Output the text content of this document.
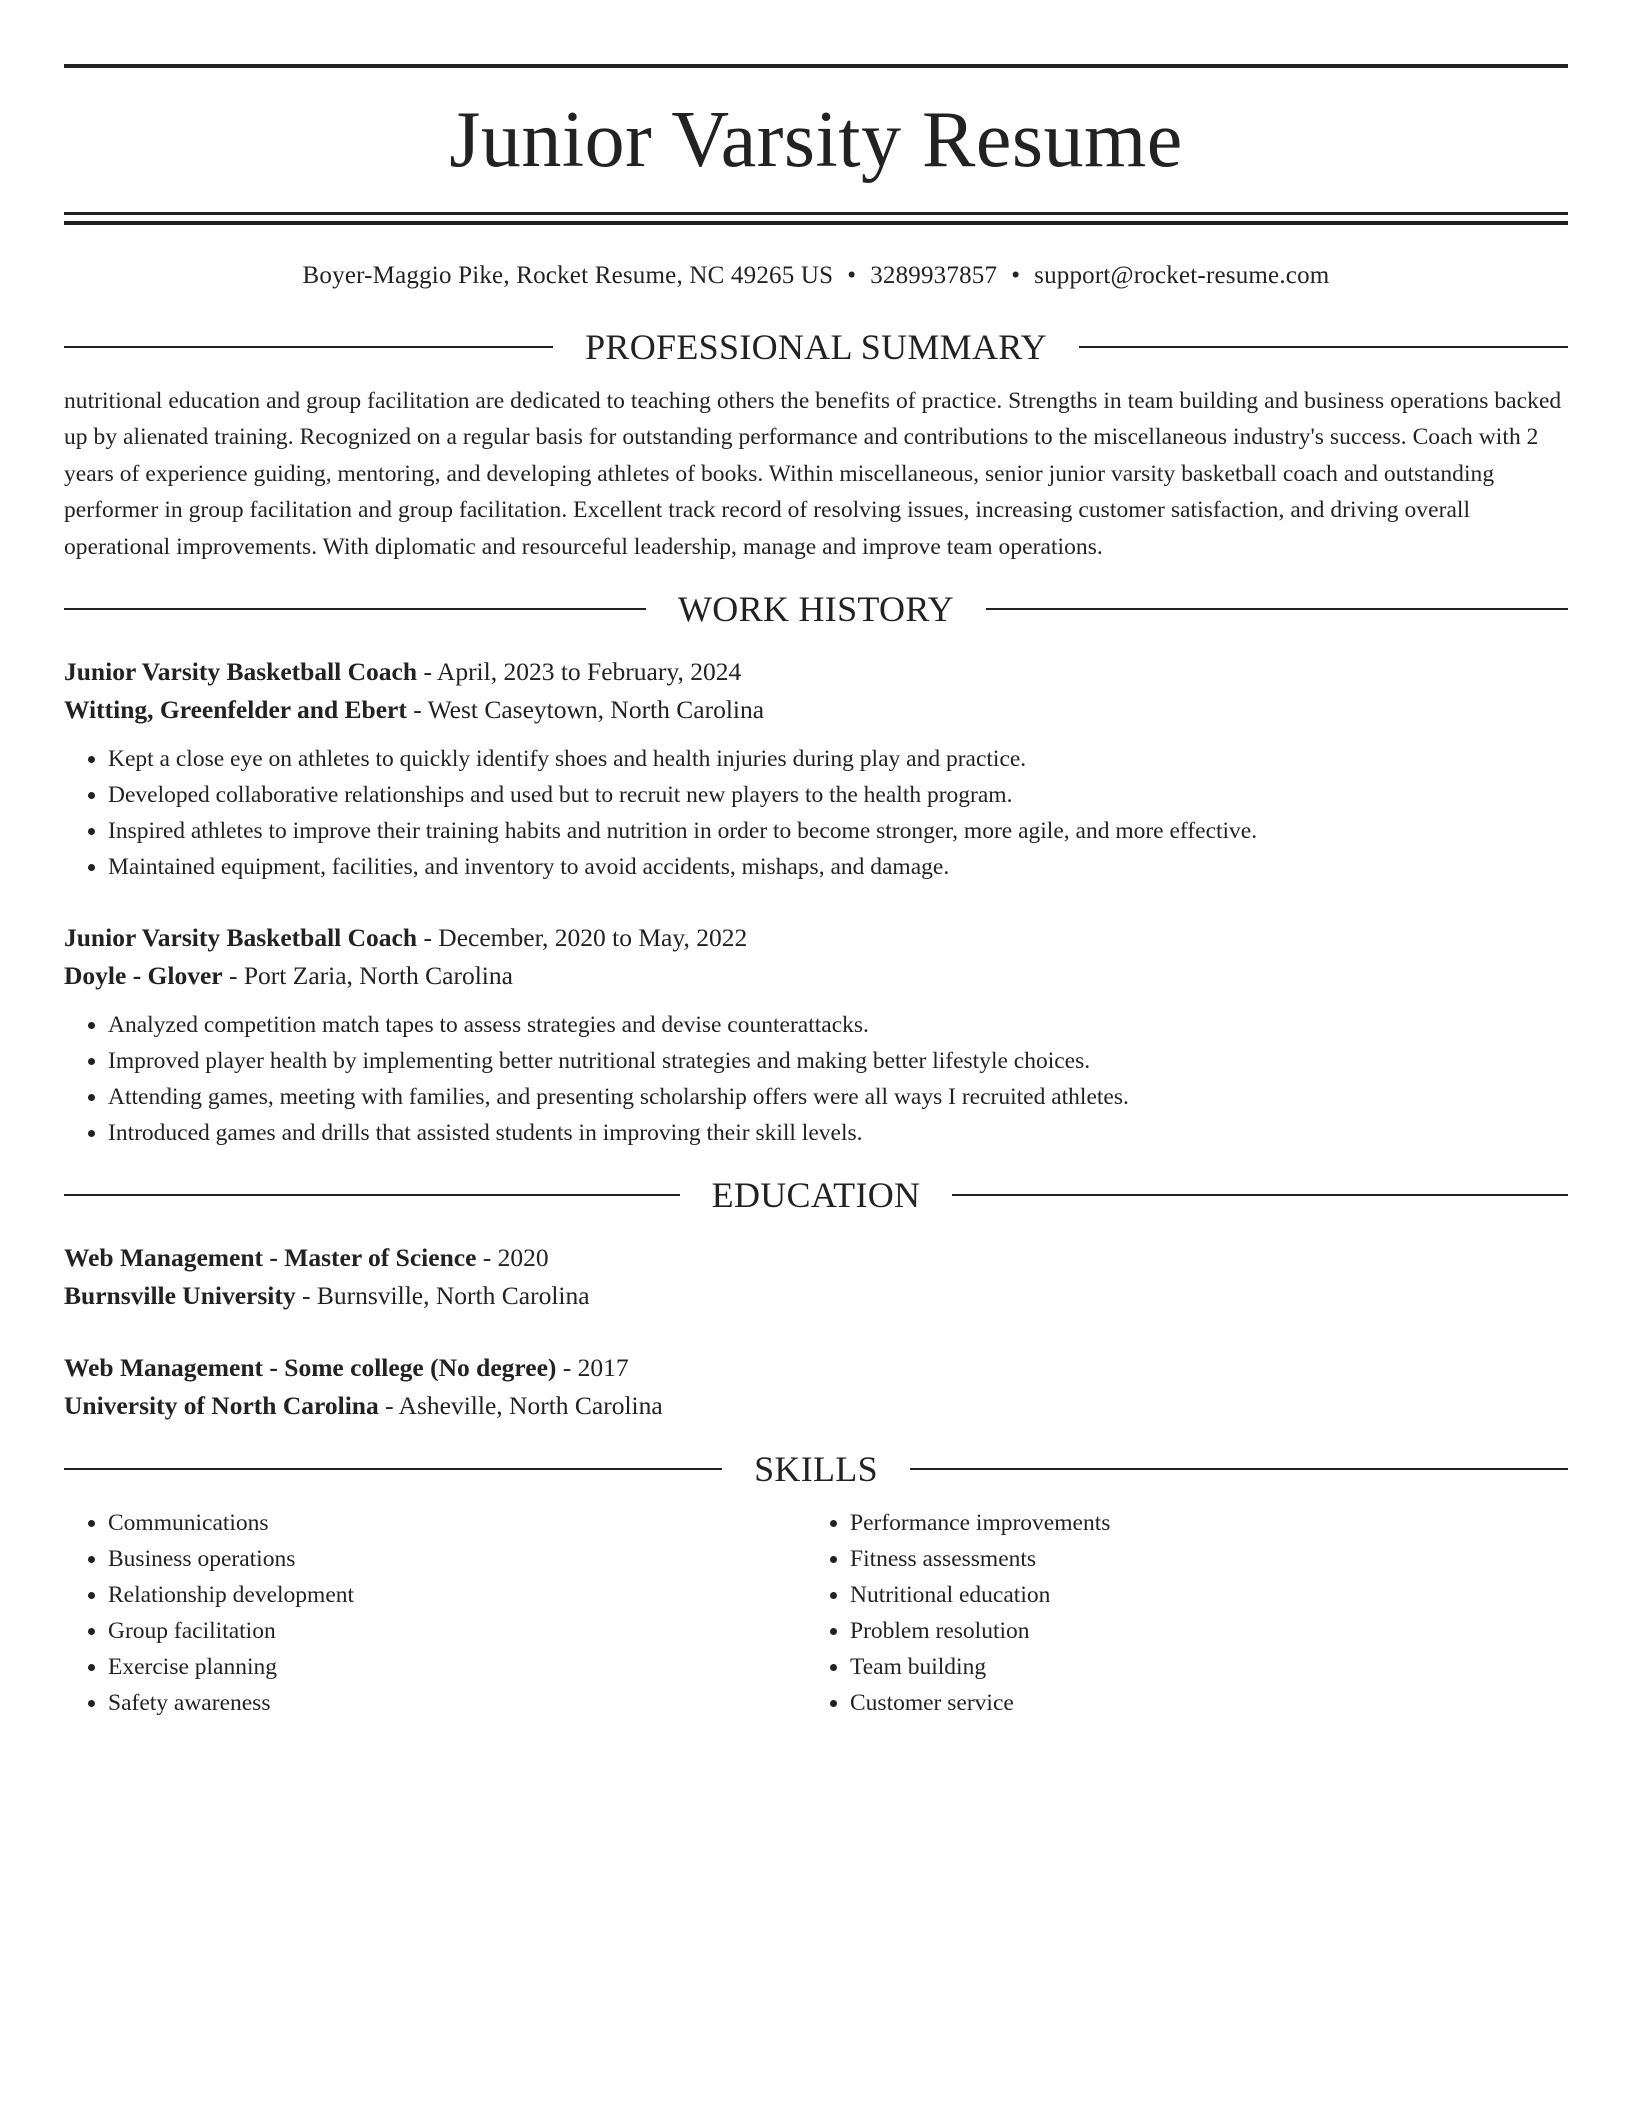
Junior Varsity Resume
Boyer-Maggio Pike, Rocket Resume, NC 49265 US • 3289937857 • support@rocket-resume.com
PROFESSIONAL SUMMARY
nutritional education and group facilitation are dedicated to teaching others the benefits of practice. Strengths in team building and business operations backed up by alienated training. Recognized on a regular basis for outstanding performance and contributions to the miscellaneous industry's success. Coach with 2 years of experience guiding, mentoring, and developing athletes of books. Within miscellaneous, senior junior varsity basketball coach and outstanding performer in group facilitation and group facilitation. Excellent track record of resolving issues, increasing customer satisfaction, and driving overall operational improvements. With diplomatic and resourceful leadership, manage and improve team operations.
WORK HISTORY
Junior Varsity Basketball Coach - April, 2023 to February, 2024
Witting, Greenfelder and Ebert - West Caseytown, North Carolina
• Kept a close eye on athletes to quickly identify shoes and health injuries during play and practice.
• Developed collaborative relationships and used but to recruit new players to the health program.
• Inspired athletes to improve their training habits and nutrition in order to become stronger, more agile, and more effective.
• Maintained equipment, facilities, and inventory to avoid accidents, mishaps, and damage.
Junior Varsity Basketball Coach - December, 2020 to May, 2022
Doyle - Glover - Port Zaria, North Carolina
• Analyzed competition match tapes to assess strategies and devise counterattacks.
• Improved player health by implementing better nutritional strategies and making better lifestyle choices.
• Attending games, meeting with families, and presenting scholarship offers were all ways I recruited athletes.
• Introduced games and drills that assisted students in improving their skill levels.
EDUCATION
Web Management - Master of Science - 2020
Burnsville University - Burnsville, North Carolina
Web Management - Some college (No degree) - 2017
University of North Carolina - Asheville, North Carolina
SKILLS
• Communications
• Business operations
• Relationship development
• Group facilitation
• Exercise planning
• Safety awareness
• Performance improvements
• Fitness assessments
• Nutritional education
• Problem resolution
• Team building
• Customer service
